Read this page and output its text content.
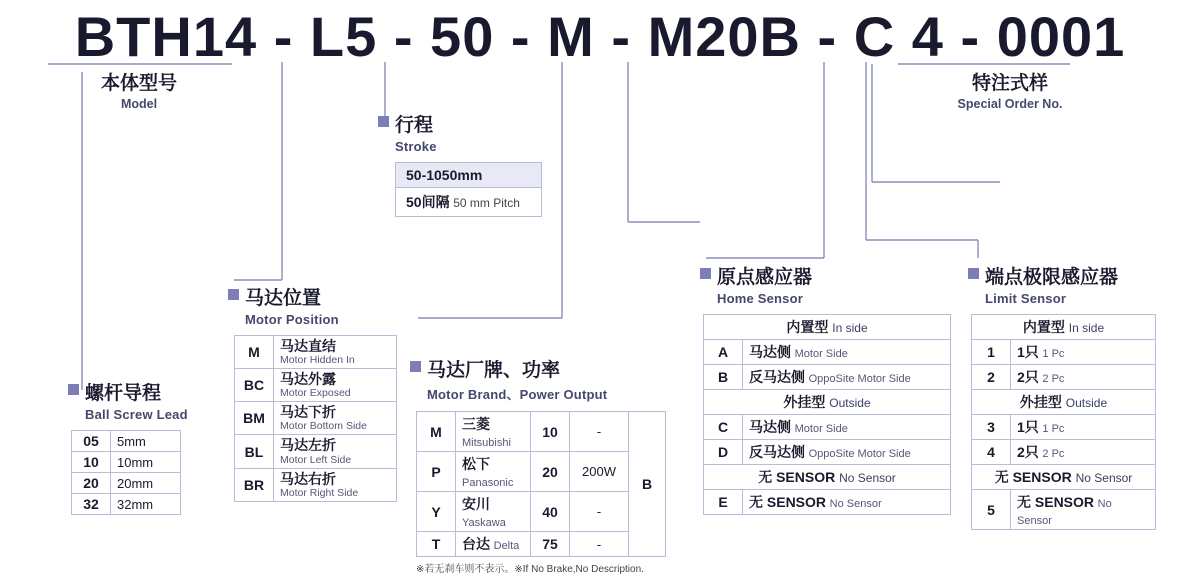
BTH14 - L5 - 50 - M - M20B - C 4 - 0001
本体型号
Model
特注式样
Special Order No.
行程
Stroke
50-1050mm
50间隔 50 mm Pitch
螺杆导程
Ball Screw Lead
05	5mm
10	10mm
20	20mm
32	32mm
马达位置
Motor Position
M	马达直结
Motor Hidden In

BC	马达外露
Motor Exposed

BM	马达下折
Motor Bottom Side

BL	马达左折
Motor Left Side

BR	马达右折
Motor Right Side
马达厂牌、功率
Motor Brand、Power Output
M	三菱 Mitsubishi	10	-	B
P	松下 Panasonic	20	200W	
Y	安川 Yaskawa	40	-	
T	台达 Delta	75	-	
※若无刹车则不表示。※If No Brake,No Description.
原点感应器
Home Sensor
内置型 In side	
A	马达侧 Motor Side
B	反马达侧 OppoSite Motor Side
外挂型 Outside	
C	马达侧 Motor Side
D	反马达侧 OppoSite Motor Side
无 SENSOR No Sensor	
E	无 SENSOR No Sensor
端点极限感应器
Limit Sensor
内置型 In side	
1	1只 1 Pc
2	2只 2 Pc
外挂型 Outside	
3	1只 1 Pc
4	2只 2 Pc
无 SENSOR No Sensor	
5	无 SENSOR No Sensor
